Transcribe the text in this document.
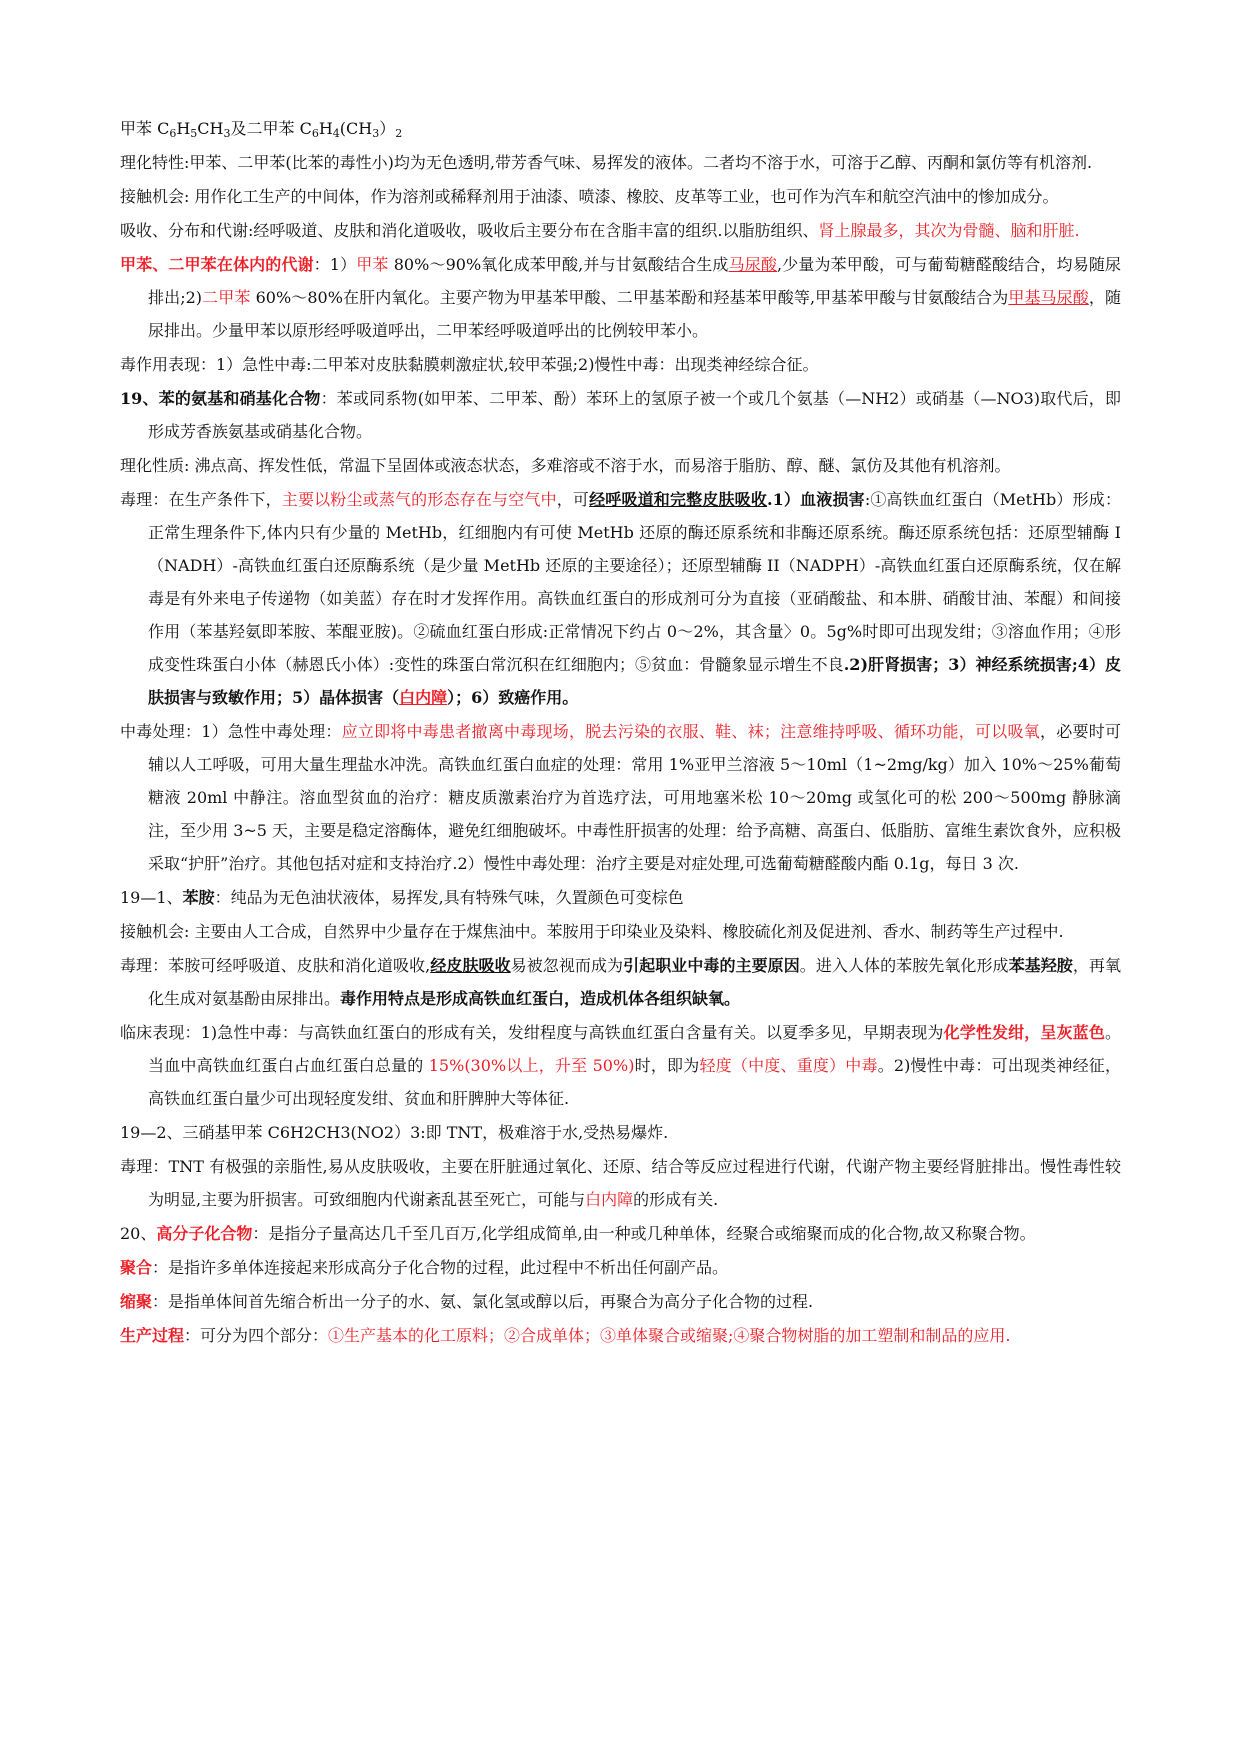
甲苯 $C_6H_5CH_3$及二甲苯 $C_6H_4(CH_3)_2$

理化特性:甲苯、二甲苯(比苯的毒性小)均为无色透明,带芳香气味、易挥发的液体。二者均不溶于水，可溶于乙醇、丙酮和氯仿等有机溶剂.

接触机会: 用作化工生产的中间体，作为溶剂或稀释剂用于油漆、喷漆、橡胶、皮革等工业，也可作为汽车和航空汽油中的惨加成分。

吸收、分布和代谢:经呼吸道、皮肤和消化道吸收，吸收后主要分布在含脂丰富的组织.以脂肪组织、肾上腺最多，其次为骨髓、脑和肝脏.

甲苯、二甲苯在体内的代谢：1）甲苯 80%～90%氧化成苯甲酸,并与甘氨酸结合生成马尿酸,少量为苯甲酸，可与葡萄糖醛酸结合，均易随尿排出;2)二甲苯 60%～80%在肝内氧化。主要产物为甲基苯甲酸、二甲基苯酚和羟基苯甲酸等,甲基苯甲酸与甘氨酸结合为甲基马尿酸，随尿排出。少量甲苯以原形经呼吸道呼出，二甲苯经呼吸道呼出的比例较甲苯小。

毒作用表现：1）急性中毒:二甲苯对皮肤黏膜刺激症状,较甲苯强;2)慢性中毒：出现类神经综合征。

19、苯的氨基和硝基化合物：苯或同系物(如甲苯、二甲苯、酚）苯环上的氢原子被一个或几个氨基（—NH2）或硝基（—NO3)取代后，即形成芳香族氨基或硝基化合物。

理化性质: 沸点高、挥发性低，常温下呈固体或液态状态，多难溶或不溶于水，而易溶于脂肪、醇、醚、氯仿及其他有机溶剂。

毒理：在生产条件下，主要以粉尘或蒸气的形态存在与空气中，可经呼吸道和完整皮肤吸收.1）血液损害:①高铁血红蛋白（MetHb）形成：正常生理条件下,体内只有少量的 MetHb，红细胞内有可使 MetHb 还原的酶还原系统和非酶还原系统。酶还原系统包括：还原型辅酶 I（NADH）-高铁血红蛋白还原酶系统（是少量 MetHb 还原的主要途径）；还原型辅酶 II（NADPH）-高铁血红蛋白还原酶系统，仅在解毒是有外来电子传递物（如美蓝）存在时才发挥作用。高铁血红蛋白的形成剂可分为直接（亚硝酸盐、和本肼、硝酸甘油、苯醌）和间接作用（苯基羟氨即苯胺、苯醌亚胺)。②硫血红蛋白形成:正常情况下约占 0～2%，其含量〉0。5g%时即可出现发绀；③溶血作用；④形成变性珠蛋白小体（赫恩氏小体）:变性的珠蛋白常沉积在红细胞内；⑤贫血：骨髓象显示增生不良.2)肝肾损害；3）神经系统损害;4）皮肤损害与致敏作用；5）晶体损害（白内障）；6）致癌作用。

中毒处理：1）急性中毒处理：应立即将中毒患者撤离中毒现场，脱去污染的衣服、鞋、袜；注意维持呼吸、循环功能，可以吸氧，必要时可辅以人工呼吸，可用大量生理盐水冲洗。高铁血红蛋白血症的处理：常用 1%亚甲兰溶液 5～10ml（1~2mg/kg）加入 10%～25%葡萄糖液 20ml 中静注。溶血型贫血的治疗：糖皮质激素治疗为首选疗法，可用地塞米松 10～20mg 或氢化可的松 200～500mg 静脉滴注，至少用 3~5 天，主要是稳定溶酶体，避免红细胞破坏。中毒性肝损害的处理：给予高糖、高蛋白、低脂肪、富维生素饮食外，应积极采取“护肝”治疗。其他包括对症和支持治疗.2）慢性中毒处理：治疗主要是对症处理,可选葡萄糖醛酸内酯 0.1g，每日 3 次.

19—1、苯胺：纯品为无色油状液体，易挥发,具有特殊气味，久置颜色可变棕色

接触机会: 主要由人工合成，自然界中少量存在于煤焦油中。苯胺用于印染业及染料、橡胶硫化剂及促进剂、香水、制药等生产过程中.

毒理：苯胺可经呼吸道、皮肤和消化道吸收,经皮肤吸收易被忽视而成为引起职业中毒的主要原因。进入人体的苯胺先氧化形成苯基羟胺，再氧化生成对氨基酚由尿排出。毒作用特点是形成高铁血红蛋白，造成机体各组织缺氧。

临床表现：1)急性中毒：与高铁血红蛋白的形成有关，发绀程度与高铁血红蛋白含量有关。以夏季多见，早期表现为化学性发绀，呈灰蓝色。当血中高铁血红蛋白占血红蛋白总量的 15%(30%以上，升至 50%)时，即为轻度（中度、重度）中毒。2)慢性中毒：可出现类神经征，高铁血红蛋白量少可出现轻度发绀、贫血和肝脾肿大等体征.

19—2、三硝基甲苯 C6H2CH3(NO2）3:即 TNT，极难溶于水,受热易爆炸.

毒理：TNT 有极强的亲脂性,易从皮肤吸收，主要在肝脏通过氧化、还原、结合等反应过程进行代谢，代谢产物主要经肾脏排出。慢性毒性较为明显,主要为肝损害。可致细胞内代谢紊乱甚至死亡，可能与白内障的形成有关.

20、高分子化合物：是指分子量高达几千至几百万,化学组成简单,由一种或几种单体，经聚合或缩聚而成的化合物,故又称聚合物。

聚合：是指许多单体连接起来形成高分子化合物的过程，此过程中不析出任何副产品。

缩聚：是指单体间首先缩合析出一分子的水、氨、氯化氢或醇以后，再聚合为高分子化合物的过程.

生产过程：可分为四个部分：①生产基本的化工原料；②合成单体；③单体聚合或缩聚;④聚合物树脂的加工塑制和制品的应用.
